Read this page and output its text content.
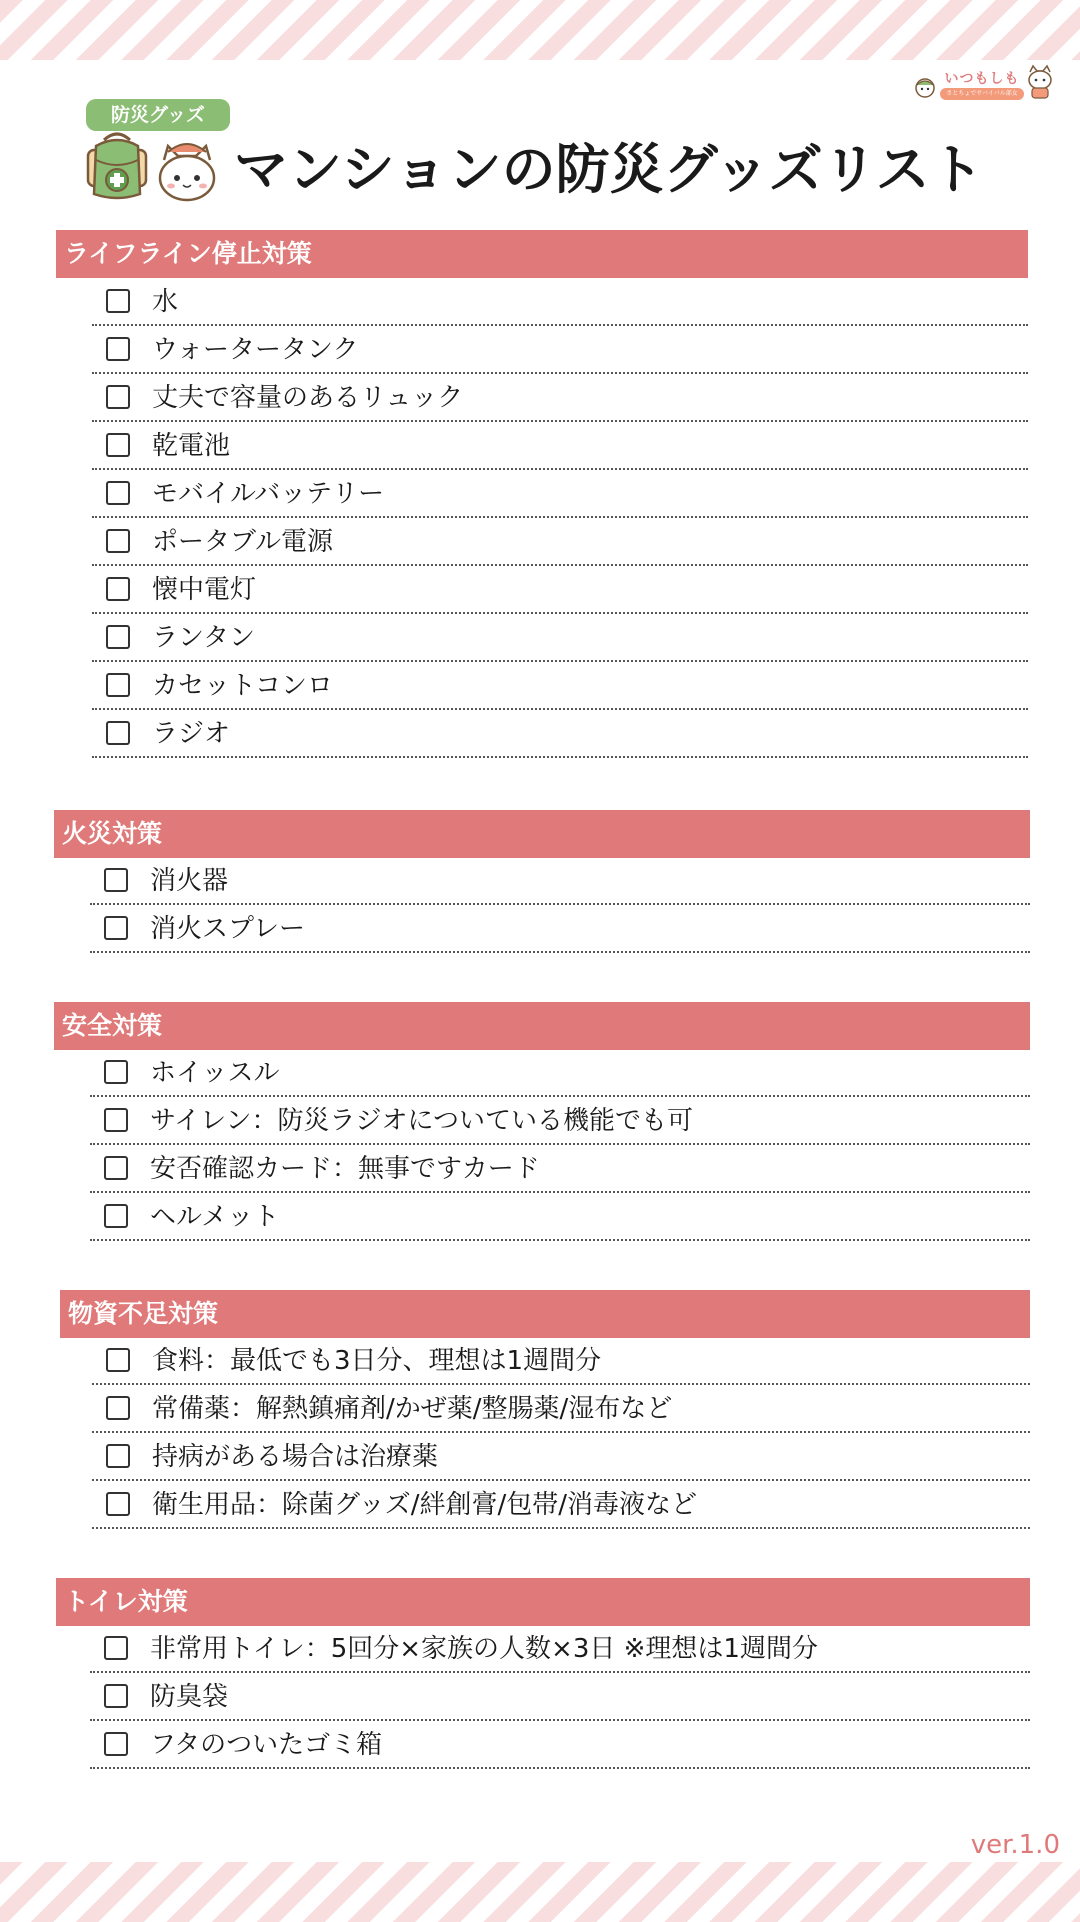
いつもしも
さとちょでサバイバル部女
防災グッズ
マンションの防災グッズリスト
ライフライン停止対策
水
ウォータータンク
丈夫で容量のあるリュック
乾電池
モバイルバッテリー
ポータブル電源
懐中電灯
ランタン
カセットコンロ
ラジオ
火災対策
消火器
消火スプレー
安全対策
ホイッスル
サイレン：防災ラジオについている機能でも可
安否確認カード：無事ですカード
ヘルメット
物資不足対策
食料：最低でも3日分、理想は1週間分
常備薬：解熱鎮痛剤/かぜ薬/整腸薬/湿布など
持病がある場合は治療薬
衛生用品：除菌グッズ/絆創膏/包帯/消毒液など
トイレ対策
非常用トイレ：5回分×家族の人数×3日 ※理想は1週間分
防臭袋
フタのついたゴミ箱
ver.1.0
